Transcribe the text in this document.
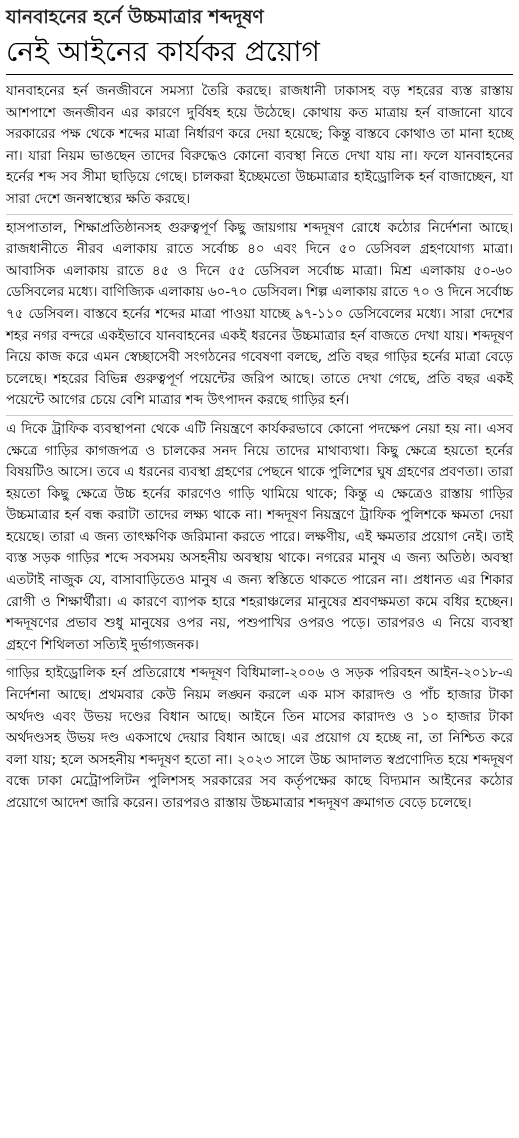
যানবাহনের হর্নে উচ্চমাত্রার শব্দদূষণ
নেই আইনের কার্যকর প্রয়োগ

যানবাহনের হর্ন জনজীবনে সমস্যা তৈরি করছে। রাজধানী ঢাকাসহ বড় শহরের ব্যস্ত রাস্তায় আশপাশে জনজীবন এর কারণে দুর্বিষহ হয়ে উঠেছে। কোথায় কত মাত্রায় হর্ন বাজানো যাবে সরকারের পক্ষ থেকে শব্দের মাত্রা নির্ধারণ করে দেয়া হয়েছে; কিন্তু বাস্তবে কোথাও তা মানা হচ্ছে না। যারা নিয়ম ভাঙছেন তাদের বিরুদ্ধেও কোনো ব্যবস্থা নিতে দেখা যায় না। ফলে যানবাহনের হর্নের শব্দ সব সীমা ছাড়িয়ে গেছে। চালকরা ইচ্ছেমতো উচ্চমাত্রার হাইড্রোলিক হর্ন বাজাচ্ছেন, যা সারা দেশে জনস্বাস্থ্যের ক্ষতি করছে।

হাসপাতাল, শিক্ষাপ্রতিষ্ঠানসহ গুরুত্বপূর্ণ কিছু জায়গায় শব্দদূষণ রোধে কঠোর নির্দেশনা আছে। রাজধানীতে নীরব এলাকায় রাতে সর্বোচ্চ ৪০ এবং দিনে ৫০ ডেসিবল গ্রহণযোগ্য মাত্রা। আবাসিক এলাকায় রাতে ৪৫ ও দিনে ৫৫ ডেসিবল সর্বোচ্চ মাত্রা। মিশ্র এলাকায় ৫০-৬০ ডেসিবলের মধ্যে। বাণিজ্যিক এলাকায় ৬০-৭০ ডেসিবল। শিল্প এলাকায় রাতে ৭০ ও দিনে সর্বোচ্চ ৭৫ ডেসিবল। বাস্তবে হর্নের শব্দের মাত্রা পাওয়া যাচ্ছে ৯৭-১১০ ডেসিবেলের মধ্যে। সারা দেশের শহর নগর বন্দরে একইভাবে যানবাহনের একই ধরনের উচ্চমাত্রার হর্ন বাজতে দেখা যায়। শব্দদূষণ নিয়ে কাজ করে এমন স্বেচ্ছাসেবী সংগঠনের গবেষণা বলছে, প্রতি বছর গাড়ির হর্নের মাত্রা বেড়ে চলেছে। শহরের বিভিন্ন গুরুত্বপূর্ণ পয়েন্টের জরিপ আছে। তাতে দেখা গেছে, প্রতি বছর একই পয়েন্টে আগের চেয়ে বেশি মাত্রার শব্দ উৎপাদন করছে গাড়ির হর্ন।

এ দিকে ট্রাফিক ব্যবস্থাপনা থেকে এটি নিয়ন্ত্রণে কার্যকরভাবে কোনো পদক্ষেপ নেয়া হয় না। এসব ক্ষেত্রে গাড়ির কাগজপত্র ও চালকের সনদ নিয়ে তাদের মাথাব্যথা। কিছু ক্ষেত্রে হয়তো হর্নের বিষয়টিও আসে। তবে এ ধরনের ব্যবস্থা গ্রহণের পেছনে থাকে পুলিশের ঘুষ গ্রহণের প্রবণতা। তারা হয়তো কিছু ক্ষেত্রে উচ্চ হর্নের কারণেও গাড়ি থামিয়ে থাকে; কিন্তু এ ক্ষেত্রেও রাস্তায় গাড়ির উচ্চমাত্রার হর্ন বন্ধ করাটা তাদের লক্ষ্য থাকে না। শব্দদূষণ নিয়ন্ত্রণে ট্রাফিক পুলিশকে ক্ষমতা দেয়া হয়েছে। তারা এ জন্য তাৎক্ষণিক জরিমানা করতে পারে। লক্ষণীয়, এই ক্ষমতার প্রয়োগ নেই। তাই ব্যস্ত সড়ক গাড়ির শব্দে সবসময় অসহনীয় অবস্থায় থাকে। নগরের মানুষ এ জন্য অতিষ্ঠ। অবস্থা এতটাই নাজুক যে, বাসাবাড়িতেও মানুষ এ জন্য স্বস্তিতে থাকতে পারেন না। প্রধানত এর শিকার রোগী ও শিক্ষার্থীরা। এ কারণে ব্যাপক হারে শহরাঞ্চলের মানুষের শ্রবণক্ষমতা কমে বধির হচ্ছেন। শব্দদূষণের প্রভাব শুধু মানুষের ওপর নয়, পশুপাখির ওপরও পড়ে। তারপরও এ নিয়ে ব্যবস্থা গ্রহণে শিথিলতা সত্যিই দুর্ভাগ্যজনক।

গাড়ির হাইড্রোলিক হর্ন প্রতিরোধে শব্দদূষণ বিধিমালা-২০০৬ ও সড়ক পরিবহন আইন-২০১৮-এ নির্দেশনা আছে। প্রথমবার কেউ নিয়ম লঙ্ঘন করলে এক মাস কারাদণ্ড ও পাঁচ হাজার টাকা অর্থদণ্ড এবং উভয় দণ্ডের বিধান আছে। আইনে তিন মাসের কারাদণ্ড ও ১০ হাজার টাকা অর্থদণ্ডসহ উভয় দণ্ড একসাথে দেয়ার বিধান আছে। এর প্রয়োগ যে হচ্ছে না, তা নিশ্চিত করে বলা যায়; হলে অসহনীয় শব্দদূষণ হতো না। ২০২৩ সালে উচ্চ আদালত স্বপ্রণোদিত হয়ে শব্দদূষণ বন্ধে ঢাকা মেট্রোপলিটন পুলিশসহ সরকারের সব কর্তৃপক্ষের কাছে বিদ্যমান আইনের কঠোর প্রয়োগে আদেশ জারি করেন। তারপরও রাস্তায় উচ্চমাত্রার শব্দদূষণ ক্রমাগত বেড়ে চলেছে।
